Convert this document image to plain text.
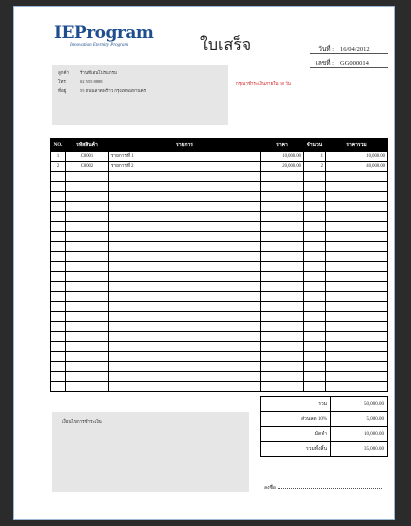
IEProgram
Innovation Eternity Program	ใบเสร็จ	วันที่ : 16/04/2012
เลขที่ : GG000014
ลูกค้า ร้านทีเอนโปรแกรม
โทร	02 555 8888
ที่อยู่	55 ถนนลาดพร้าว กรุงเทพมหานคร
กรุณาชำระเงินภายใน 30 วัน
NO.	รหัสสินค้า	รายการ	ราคา	จำนวน	ราคารวม
1	C0001	รายการที่ 1	10,000.00	1	10,000.00
2	C0002	รายการที่ 2	20,000.00	2	40,000.00

เงื่อนไขการชำระเงิน
รวม	50,000.00
ส่วนลด 10%	5,000.00
มัดจำ	10,000.00
รวมทั้งสิ้น	35,000.00
ลงชื่อ
